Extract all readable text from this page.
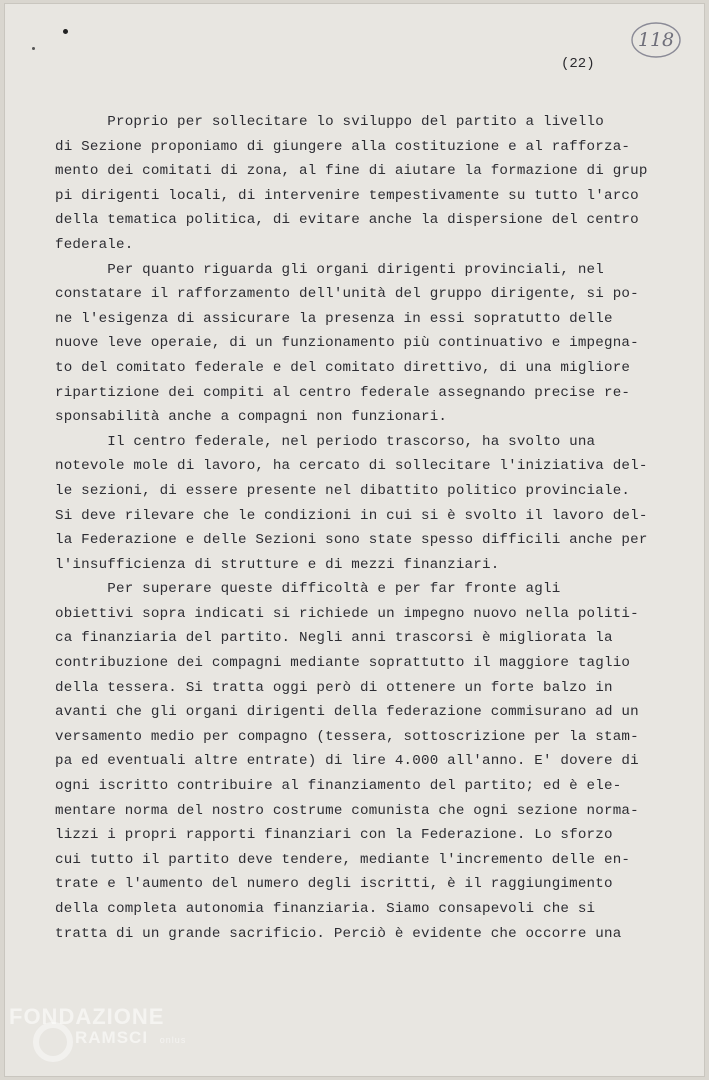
118
(22)
Proprio per sollecitare lo sviluppo del partito a livello
di Sezione proponiamo di giungere alla costituzione e al rafforza-
mento dei comitati di zona, al fine di aiutare la formazione di grup
pi dirigenti locali, di intervenire tempestivamente su tutto l'arco
della tematica politica, di evitare anche la dispersione del centro
federale.
Per quanto riguarda gli organi dirigenti provinciali, nel
constatare il rafforzamento dell'unità del gruppo dirigente, si po-
ne l'esigenza di assicurare la presenza in essi sopratutto delle
nuove leve operaie, di un funzionamento più continuativo e impegna-
to del comitato federale e del comitato direttivo, di una migliore
ripartizione dei compiti al centro federale assegnando precise re-
sponsabilità anche a compagni non funzionari.
Il centro federale, nel periodo trascorso, ha svolto una
notevole mole di lavoro, ha cercato di sollecitare l'iniziativa del-
le sezioni, di essere presente nel dibattito politico provinciale.
Si deve rilevare che le condizioni in cui si è svolto il lavoro del-
la Federazione e delle Sezioni sono state spesso difficili anche per
l'insufficienza di strutture e di mezzi finanziari.
Per superare queste difficoltà e per far fronte agli
obiettivi sopra indicati si richiede un impegno nuovo nella politi-
ca finanziaria del partito. Negli anni trascorsi è migliorata la
contribuzione dei compagni mediante soprattutto il maggiore taglio
della tessera. Si tratta oggi però di ottenere un forte balzo in
avanti che gli organi dirigenti della federazione commisurano ad un
versamento medio per compagno (tessera, sottoscrizione per la stam-
pa ed eventuali altre entrate) di lire 4.000 all'anno. E' dovere di
ogni iscritto contribuire al finanziamento del partito; ed è ele-
mentare norma del nostro costrume comunista che ogni sezione norma-
lizzi i propri rapporti finanziari con la Federazione. Lo sforzo
cui tutto il partito deve tendere, mediante l'incremento delle en-
trate e l'aumento del numero degli iscritti, è il raggiungimento
della completa autonomia finanziaria. Siamo consapevoli che si
tratta di un grande sacrificio. Perciò è evidente che occorre una
FONDAZIONE
RAMSCI onlus
